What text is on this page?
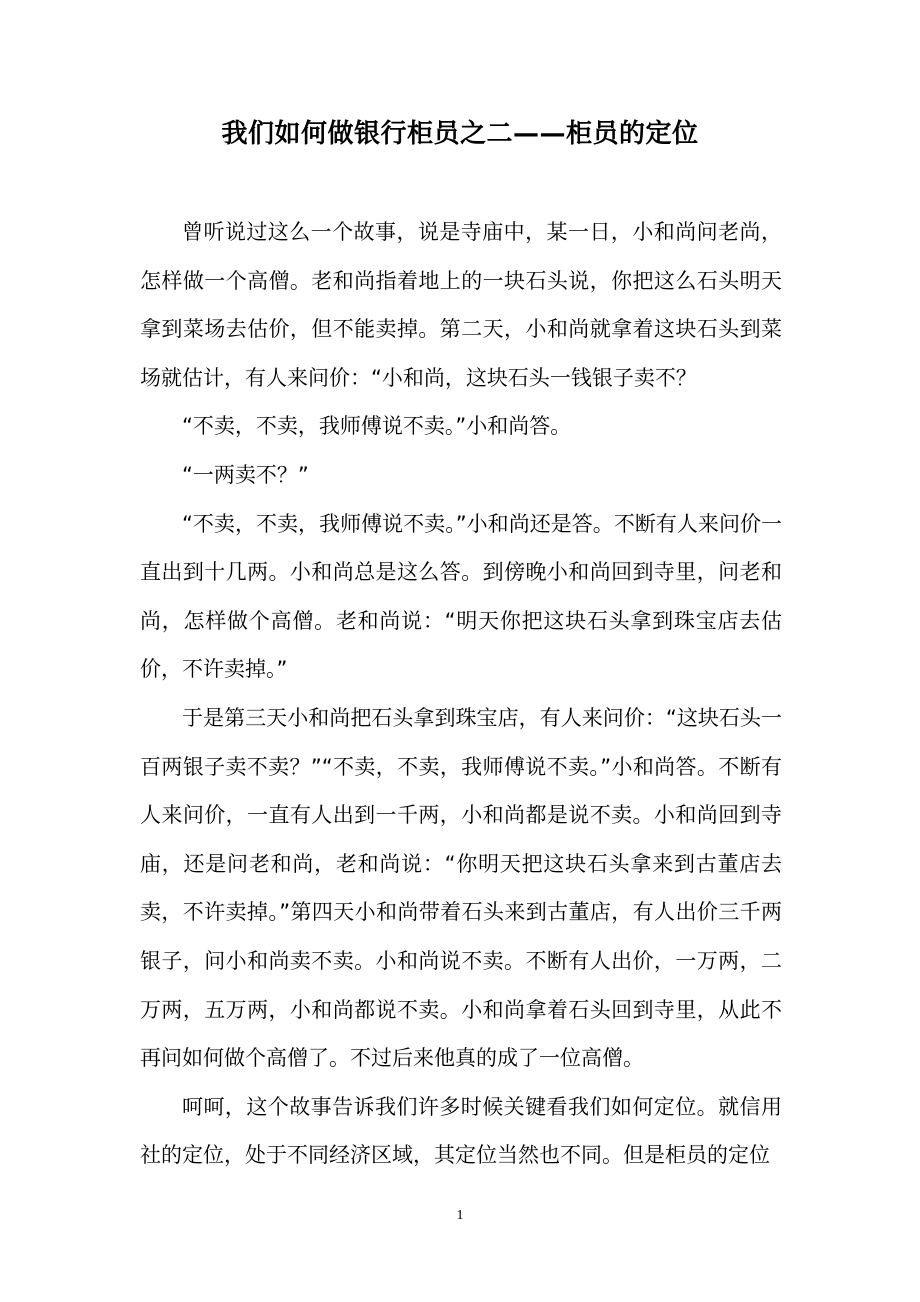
我们如何做银行柜员之二——柜员的定位

曾听说过这么一个故事，说是寺庙中，某一日，小和尚问老尚，怎样做一个高僧。老和尚指着地上的一块石头说，你把这么石头明天拿到菜场去估价，但不能卖掉。第二天，小和尚就拿着这块石头到菜场就估计，有人来问价：“小和尚，这块石头一钱银子卖不？

“不卖，不卖，我师傅说不卖。”小和尚答。

“一两卖不？”

“不卖，不卖，我师傅说不卖。”小和尚还是答。不断有人来问价一直出到十几两。小和尚总是这么答。到傍晚小和尚回到寺里，问老和尚，怎样做个高僧。老和尚说：“明天你把这块石头拿到珠宝店去估价，不许卖掉。”

于是第三天小和尚把石头拿到珠宝店，有人来问价：“这块石头一百两银子卖不卖？”“不卖，不卖，我师傅说不卖。”小和尚答。不断有人来问价，一直有人出到一千两，小和尚都是说不卖。小和尚回到寺庙，还是问老和尚，老和尚说：“你明天把这块石头拿来到古董店去卖，不许卖掉。”第四天小和尚带着石头来到古董店，有人出价三千两银子，问小和尚卖不卖。小和尚说不卖。不断有人出价，一万两，二万两，五万两，小和尚都说不卖。小和尚拿着石头回到寺里，从此不再问如何做个高僧了。不过后来他真的成了一位高僧。

呵呵，这个故事告诉我们许多时候关键看我们如何定位。就信用社的定位，处于不同经济区域，其定位当然也不同。但是柜员的定位

1
